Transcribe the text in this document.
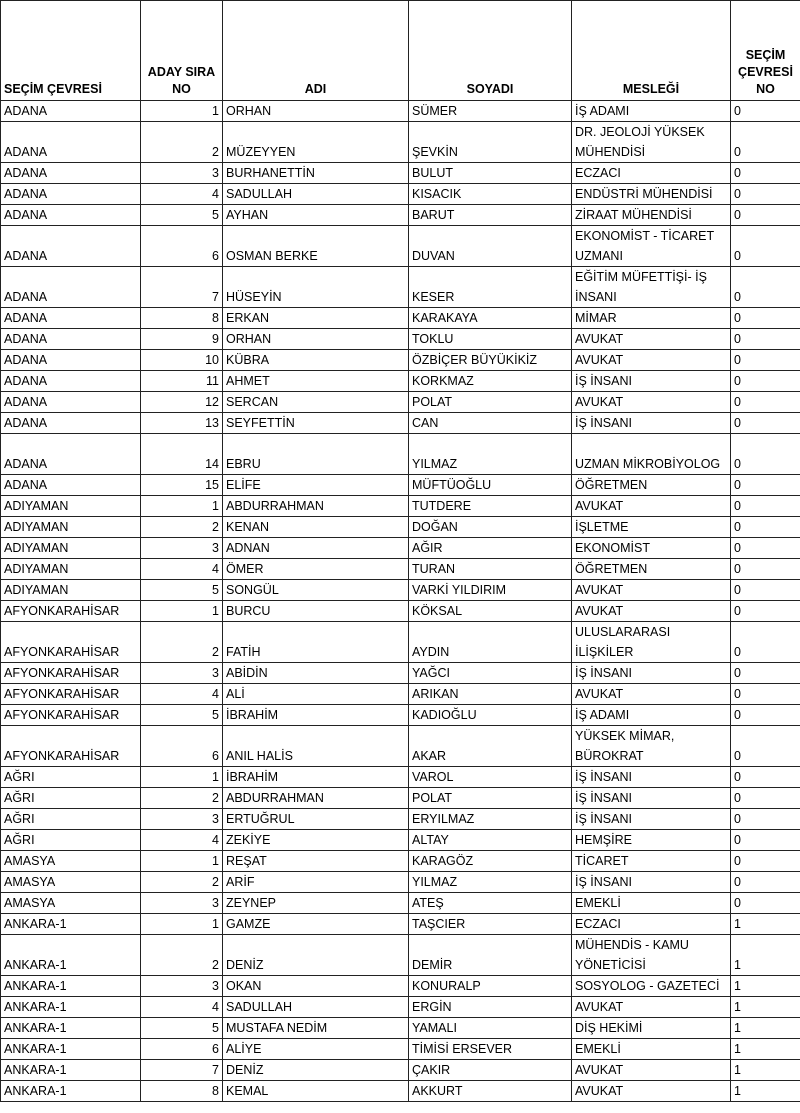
SEÇİM ÇEVRESİ	ADAY SIRA NO	ADI	SOYADI	MESLEĞİ	SEÇİM ÇEVRESİ NO
ADANA	1	ORHAN	SÜMER	İŞ ADAMI	0
ADANA	2	MÜZEYYEN	ŞEVKİN	DR. JEOLOJİ YÜKSEK MÜHENDİSİ	0
ADANA	3	BURHANETTİN	BULUT	ECZACI	0
ADANA	4	SADULLAH	KISACIK	ENDÜSTRİ MÜHENDİSİ	0
ADANA	5	AYHAN	BARUT	ZİRAAT MÜHENDİSİ	0
ADANA	6	OSMAN BERKE	DUVAN	EKONOMİST - TİCARET UZMANI	0
ADANA	7	HÜSEYİN	KESER	EĞİTİM MÜFETTİŞİ- İŞ İNSANI	0
ADANA	8	ERKAN	KARAKAYA	MİMAR	0
ADANA	9	ORHAN	TOKLU	AVUKAT	0
ADANA	10	KÜBRA	ÖZBİÇER BÜYÜKİKİZ	AVUKAT	0
ADANA	11	AHMET	KORKMAZ	İŞ İNSANI	0
ADANA	12	SERCAN	POLAT	AVUKAT	0
ADANA	13	SEYFETTİN	CAN	İŞ İNSANI	0
ADANA	14	EBRU	YILMAZ	UZMAN MİKROBİYOLOG	0
ADANA	15	ELİFE	MÜFTÜOĞLU	ÖĞRETMEN	0
ADIYAMAN	1	ABDURRAHMAN	TUTDERE	AVUKAT	0
ADIYAMAN	2	KENAN	DOĞAN	İŞLETME	0
ADIYAMAN	3	ADNAN	AĞIR	EKONOMİST	0
ADIYAMAN	4	ÖMER	TURAN	ÖĞRETMEN	0
ADIYAMAN	5	SONGÜL	VARKİ YILDIRIM	AVUKAT	0
AFYONKARAHİSAR	1	BURCU	KÖKSAL	AVUKAT	0
AFYONKARAHİSAR	2	FATİH	AYDIN	ULUSLARARASI İLİŞKİLER	0
AFYONKARAHİSAR	3	ABİDİN	YAĞCI	İŞ İNSANI	0
AFYONKARAHİSAR	4	ALİ	ARIKAN	AVUKAT	0
AFYONKARAHİSAR	5	İBRAHİM	KADIOĞLU	İŞ ADAMI	0
AFYONKARAHİSAR	6	ANIL HALİS	AKAR	YÜKSEK MİMAR, BÜROKRAT	0
AĞRI	1	İBRAHİM	VAROL	İŞ İNSANI	0
AĞRI	2	ABDURRAHMAN	POLAT	İŞ İNSANI	0
AĞRI	3	ERTUĞRUL	ERYILMAZ	İŞ İNSANI	0
AĞRI	4	ZEKİYE	ALTAY	HEMŞİRE	0
AMASYA	1	REŞAT	KARAGÖZ	TİCARET	0
AMASYA	2	ARİF	YILMAZ	İŞ İNSANI	0
AMASYA	3	ZEYNEP	ATEŞ	EMEKLİ	0
ANKARA-1	1	GAMZE	TAŞCIER	ECZACI	1
ANKARA-1	2	DENİZ	DEMİR	MÜHENDİS - KAMU YÖNETİCİSİ	1
ANKARA-1	3	OKAN	KONURALP	SOSYOLOG - GAZETECİ	1
ANKARA-1	4	SADULLAH	ERGİN	AVUKAT	1
ANKARA-1	5	MUSTAFA NEDİM	YAMALI	DİŞ HEKİMİ	1
ANKARA-1	6	ALİYE	TİMİSİ ERSEVER	EMEKLİ	1
ANKARA-1	7	DENİZ	ÇAKIR	AVUKAT	1
ANKARA-1	8	KEMAL	AKKURT	AVUKAT	1
